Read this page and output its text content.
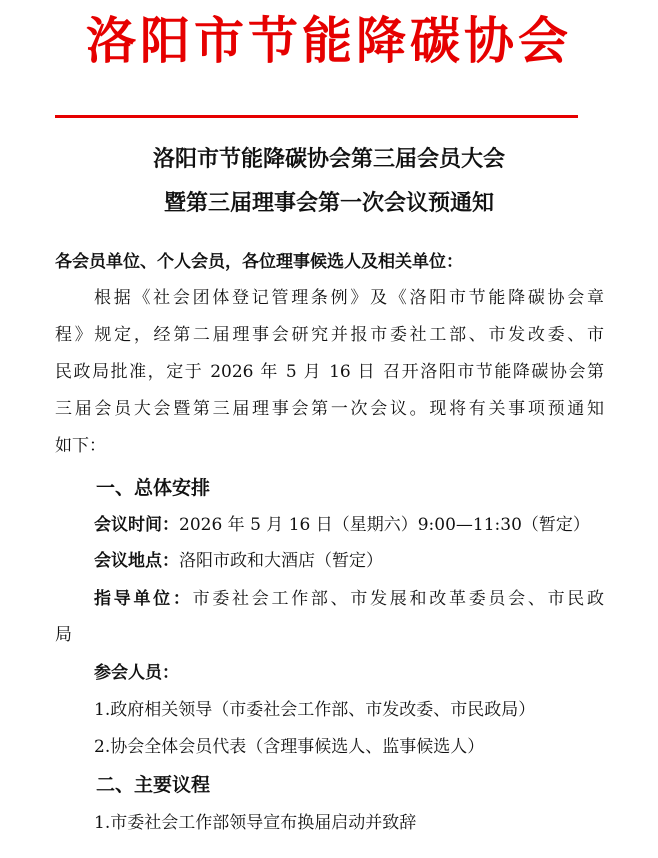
洛阳市节能降碳协会
洛阳市节能降碳协会第三届会员大会
暨第三届理事会第一次会议预通知
各会员单位、个人会员，各位理事候选人及相关单位：
根据《社会团体登记管理条例》及《洛阳市节能降碳协会章
程》规定，经第二届理事会研究并报市委社工部、市发改委、市
民政局批准，定于 2026 年 5 月 16 日 召开洛阳市节能降碳协会第
三届会员大会暨第三届理事会第一次会议。现将有关事项预通知
如下：
一、总体安排
会议时间：2026 年 5 月 16 日（星期六）9:00—11:30（暂定）
会议地点：洛阳市政和大酒店（暂定）
指导单位：市委社会工作部、市发展和改革委员会、市民政
局
参会人员：
1.政府相关领导（市委社会工作部、市发改委、市民政局）
2.协会全体会员代表（含理事候选人、监事候选人）
二、主要议程
1.市委社会工作部领导宣布换届启动并致辞
